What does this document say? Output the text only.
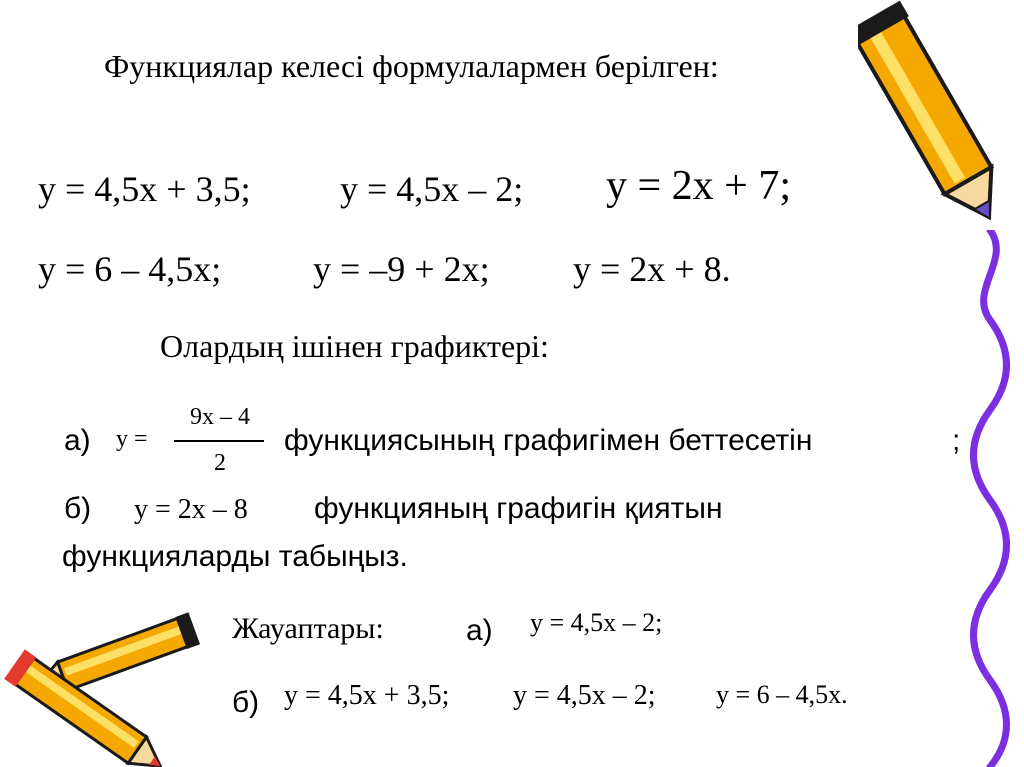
Функциялар келесі формулалармен берілген:
y = 4,5x + 3,5; y = 4,5x – 2; y = 2x + 7;
y = 6 – 4,5x;	y = –9 + 2x; y = 2x + 8.
Олардың ішінен графиктері:
а) y =
9x – 4
2
функциясының графигімен беттесетін	;
б) y = 2x – 8 функцияның графигін қиятын
функцияларды табыңыз.
Жауаптары:	а) y = 4,5x – 2;
б) y = 4,5x + 3,5; y = 4,5x – 2; y = 6 – 4,5x.
